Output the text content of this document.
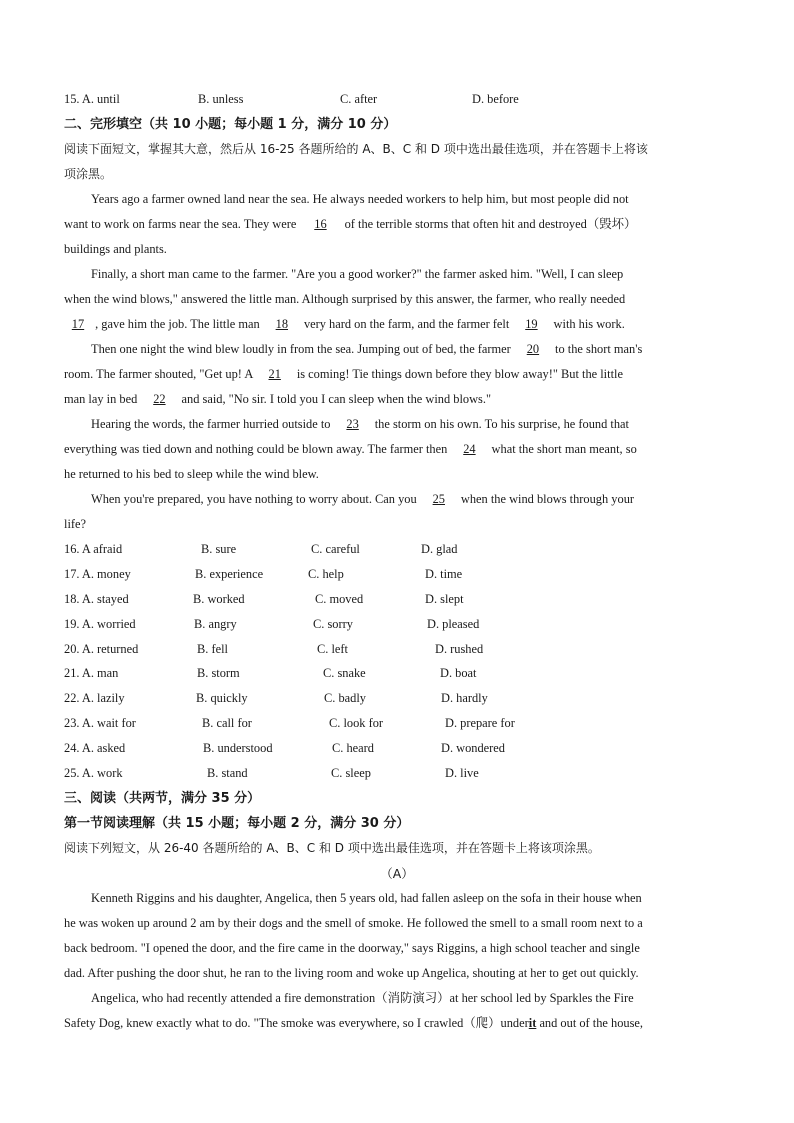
15. A. until	B. unless	C. after	D. before
二、完形填空（共 10 小题；每小题 1 分，满分 10 分）
阅读下面短文，掌握其大意，然后从 16-25 各题所给的 A、B、C 和 D 项中选出最佳选项，并在答题卡上将该
项涂黑。
Years ago a farmer owned land near the sea. He always needed workers to help him, but most people did not
want to work on farms near the sea. They were 16 of the terrible storms that often hit and destroyed（毁坏）
buildings and plants.
Finally, a short man came to the farmer. "Are you a good worker?" the farmer asked him. "Well, I can sleep
when the wind blows," answered the little man. Although surprised by this answer, the farmer, who really needed
17 , gave him the job. The little man 18 very hard on the farm, and the farmer felt 19 with his work.
Then one night the wind blew loudly in from the sea. Jumping out of bed, the farmer 20 to the short man's
room. The farmer shouted, "Get up! A 21 is coming! Tie things down before they blow away!" But the little
man lay in bed 22 and said, "No sir. I told you I can sleep when the wind blows."
Hearing the words, the farmer hurried outside to 23 the storm on his own. To his surprise, he found that
everything was tied down and nothing could be blown away. The farmer then 24 what the short man meant, so
he returned to his bed to sleep while the wind blew.
When you're prepared, you have nothing to worry about. Can you 25 when the wind blows through your
life?
16. A afraid	B. sure	C. careful	D. glad
17. A. money	B. experience	C. help	D. time
18. A. stayed	B. worked	C. moved	D. slept
19. A. worried	B. angry	C. sorry	D. pleased
20. A. returned	B. fell	C. left	D. rushed
21. A. man	B. storm	C. snake	D. boat
22. A. lazily	B. quickly	C. badly	D. hardly
23. A. wait for	B. call for	C. look for	D. prepare for
24. A. asked	B. understood	C. heard	D. wondered
25. A. work	B. stand	C. sleep	D. live
三、阅读（共两节，满分 35 分）
第一节阅读理解（共 15 小题；每小题 2 分，满分 30 分）
阅读下列短文，从 26-40 各题所给的 A、B、C 和 D 项中选出最佳选项，并在答题卡上将该项涂黑。
（A）
Kenneth Riggins and his daughter, Angelica, then 5 years old, had fallen asleep on the sofa in their house when
he was woken up around 2 am by their dogs and the smell of smoke. He followed the smell to a small room next to a
back bedroom. "I opened the door, and the fire came in the doorway," says Riggins, a high school teacher and single
dad. After pushing the door shut, he ran to the living room and woke up Angelica, shouting at her to get out quickly.
Angelica, who had recently attended a fire demonstration（消防演习）at her school led by Sparkles the Fire
Safety Dog, knew exactly what to do. "The smoke was everywhere, so I crawled（爬）underit and out of the house,
